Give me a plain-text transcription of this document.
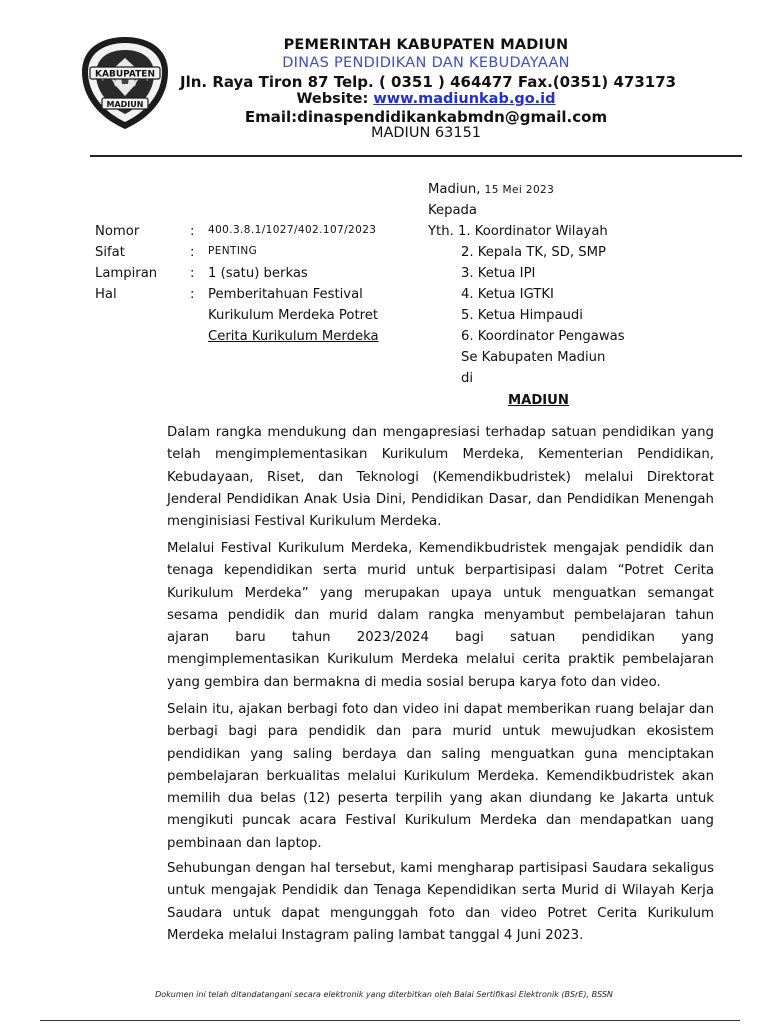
KABUPATEN
MADIUN
PEMERINTAH KABUPATEN MADIUN
DINAS PENDIDIKAN DAN KEBUDAYAAN
Jln. Raya Tiron 87 Telp. ( 0351 ) 464477 Fax.(0351) 473173
Website: www.madiunkab.go.id
Email:dinaspendidikankabmdn@gmail.com
MADIUN 63151
Madiun, 15 Mei 2023
Kepada
Yth. 1. Koordinator Wilayah
2. Kepala TK, SD, SMP
3. Ketua IPI
4. Ketua IGTKI
5. Ketua Himpaudi
6. Koordinator Pengawas
Se Kabupaten Madiun
di
MADIUN
Nomor	: 400.3.8.1/1027/402.107/2023
Sifat	: PENTING
Lampiran : 1 (satu) berkas
Hal	: Pemberitahuan Festival
Kurikulum Merdeka Potret
Cerita Kurikulum Merdeka
Dalam rangka mendukung dan mengapresiasi terhadap satuan pendidikan yang telah mengimplementasikan Kurikulum Merdeka, Kementerian Pendidikan, Kebudayaan, Riset, dan Teknologi (Kemendikbudristek) melalui Direktorat Jenderal Pendidikan Anak Usia Dini, Pendidikan Dasar, dan Pendidikan Menengah menginisiasi Festival Kurikulum Merdeka.
Melalui Festival Kurikulum Merdeka, Kemendikbudristek mengajak pendidik dan tenaga kependidikan serta murid untuk berpartisipasi dalam “Potret Cerita Kurikulum Merdeka” yang merupakan upaya untuk menguatkan semangat sesama pendidik dan murid dalam rangka menyambut pembelajaran tahun ajaran baru tahun 2023/2024 bagi satuan pendidikan yang mengimplementasikan Kurikulum Merdeka melalui cerita praktik pembelajaran yang gembira dan bermakna di media sosial berupa karya foto dan video.
Selain itu, ajakan berbagi foto dan video ini dapat memberikan ruang belajar dan berbagi bagi para pendidik dan para murid untuk mewujudkan ekosistem pendidikan yang saling berdaya dan saling menguatkan guna menciptakan pembelajaran berkualitas melalui Kurikulum Merdeka. Kemendikbudristek akan memilih dua belas (12) peserta terpilih yang akan diundang ke Jakarta untuk mengikuti puncak acara Festival Kurikulum Merdeka dan mendapatkan uang pembinaan dan laptop.
Sehubungan dengan hal tersebut, kami mengharap partisipasi Saudara sekaligus untuk mengajak Pendidik dan Tenaga Kependidikan serta Murid di Wilayah Kerja Saudara untuk dapat mengunggah foto dan video Potret Cerita Kurikulum Merdeka melalui Instagram paling lambat tanggal 4 Juni 2023.
Dokumen ini telah ditandatangani secara elektronik yang diterbitkan oleh Balai Sertifikasi Elektronik (BSrE), BSSN
